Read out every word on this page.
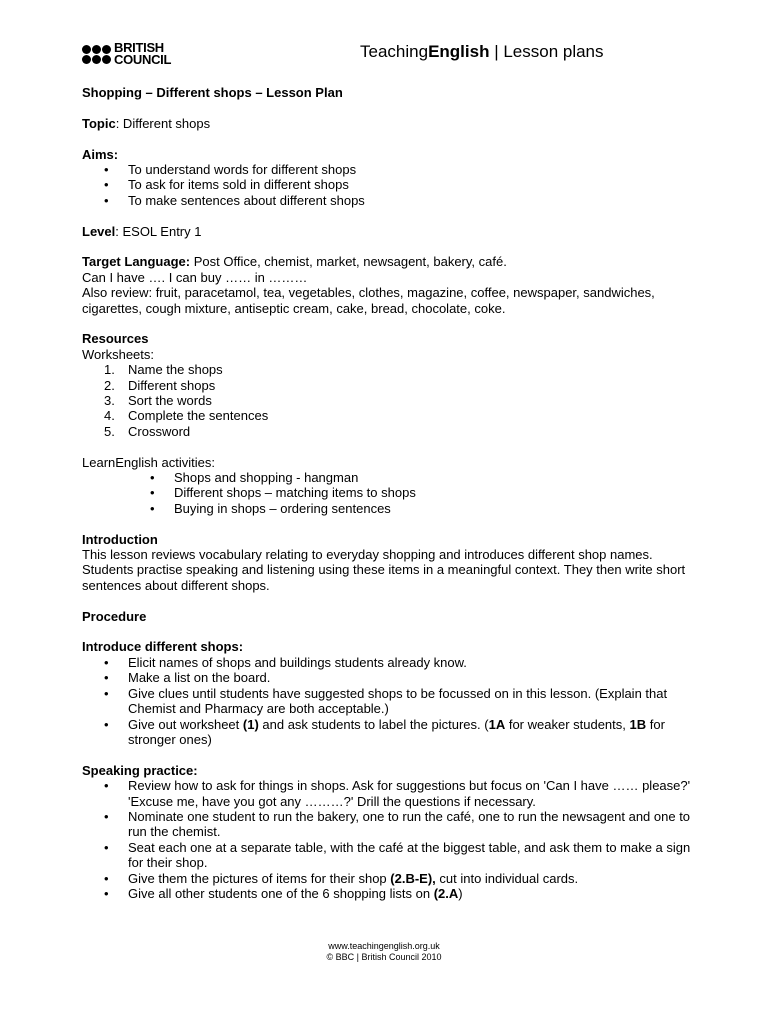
BRITISH
COUNCIL	TeachingEnglish | Lesson plans

Shopping – Different shops – Lesson Plan

Topic: Different shops

Aims:

• To understand words for different shops
• To ask for items sold in different shops
• To make sentences about different shops

Level: ESOL Entry 1

Target Language: Post Office, chemist, market, newsagent, bakery, café.

Can I have …. I can buy …… in ………

Also review: fruit, paracetamol, tea, vegetables, clothes, magazine, coffee, newspaper, sandwiches, cigarettes, cough mixture, antiseptic cream, cake, bread, chocolate, coke.

Resources

Worksheets:

1. Name the shops
2. Different shops
3. Sort the words
4. Complete the sentences
5. Crossword

LearnEnglish activities:

• Shops and shopping - hangman
• Different shops – matching items to shops
• Buying in shops – ordering sentences

Introduction

This lesson reviews vocabulary relating to everyday shopping and introduces different shop names. Students practise speaking and listening using these items in a meaningful context. They then write short sentences about different shops.

Procedure

Introduce different shops:

• Elicit names of shops and buildings students already know.
• Make a list on the board.
• Give clues until students have suggested shops to be focussed on in this lesson. (Explain that Chemist and Pharmacy are both acceptable.)
• Give out worksheet (1) and ask students to label the pictures. (1A for weaker students, 1B for stronger ones)

Speaking practice:

• Review how to ask for things in shops. Ask for suggestions but focus on 'Can I have …… please?' 'Excuse me, have you got any ………?' Drill the questions if necessary.
• Nominate one student to run the bakery, one to run the café, one to run the newsagent and one to run the chemist.
• Seat each one at a separate table, with the café at the biggest table, and ask them to make a sign for their shop.
• Give them the pictures of items for their shop (2.B-E), cut into individual cards.
• Give all other students one of the 6 shopping lists on (2.A)
www.teachingenglish.org.uk
© BBC | British Council 2010
